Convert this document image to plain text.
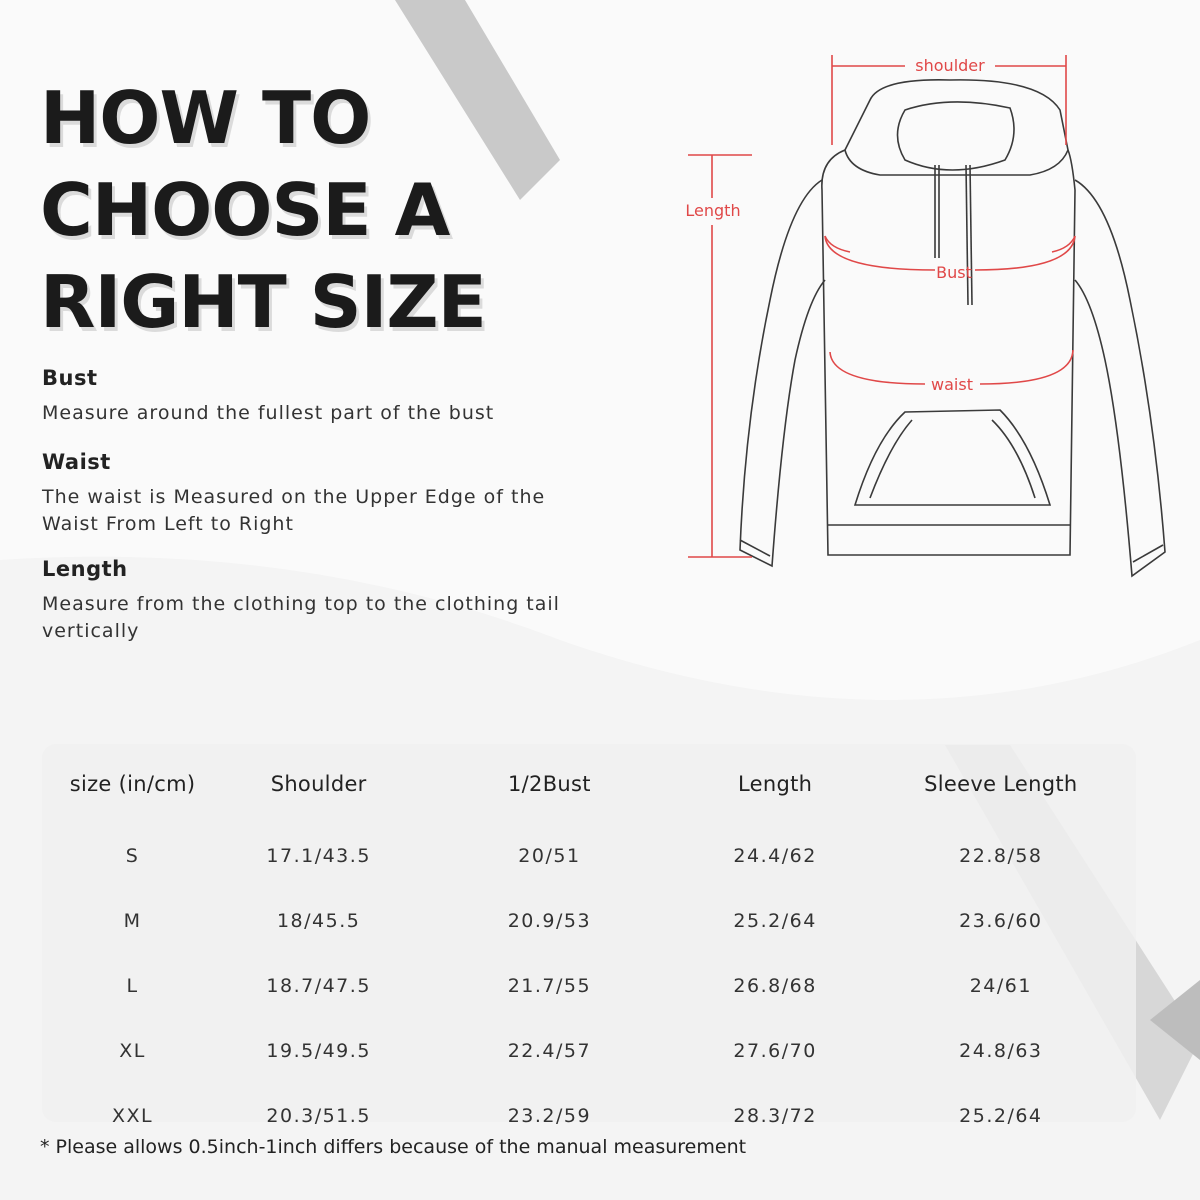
HOW TO
CHOOSE A
RIGHT SIZE
Bust
Measure around the fullest part of the bust
Waist
The waist is Measured on the Upper Edge of the Waist From Left to Right
Length
Measure from the clothing top to the clothing tail vertically
shoulder
Length
Bust
waist
size (in/cm)	Shoulder	1/2Bust	Length	Sleeve Length
S	17.1/43.5	20/51	24.4/62	22.8/58
M	18/45.5	20.9/53	25.2/64	23.6/60
L	18.7/47.5	21.7/55	26.8/68	24/61
XL	19.5/49.5	22.4/57	27.6/70	24.8/63
XXL	20.3/51.5	23.2/59	28.3/72	25.2/64
* Please allows 0.5inch-1inch differs because of the manual measurement
